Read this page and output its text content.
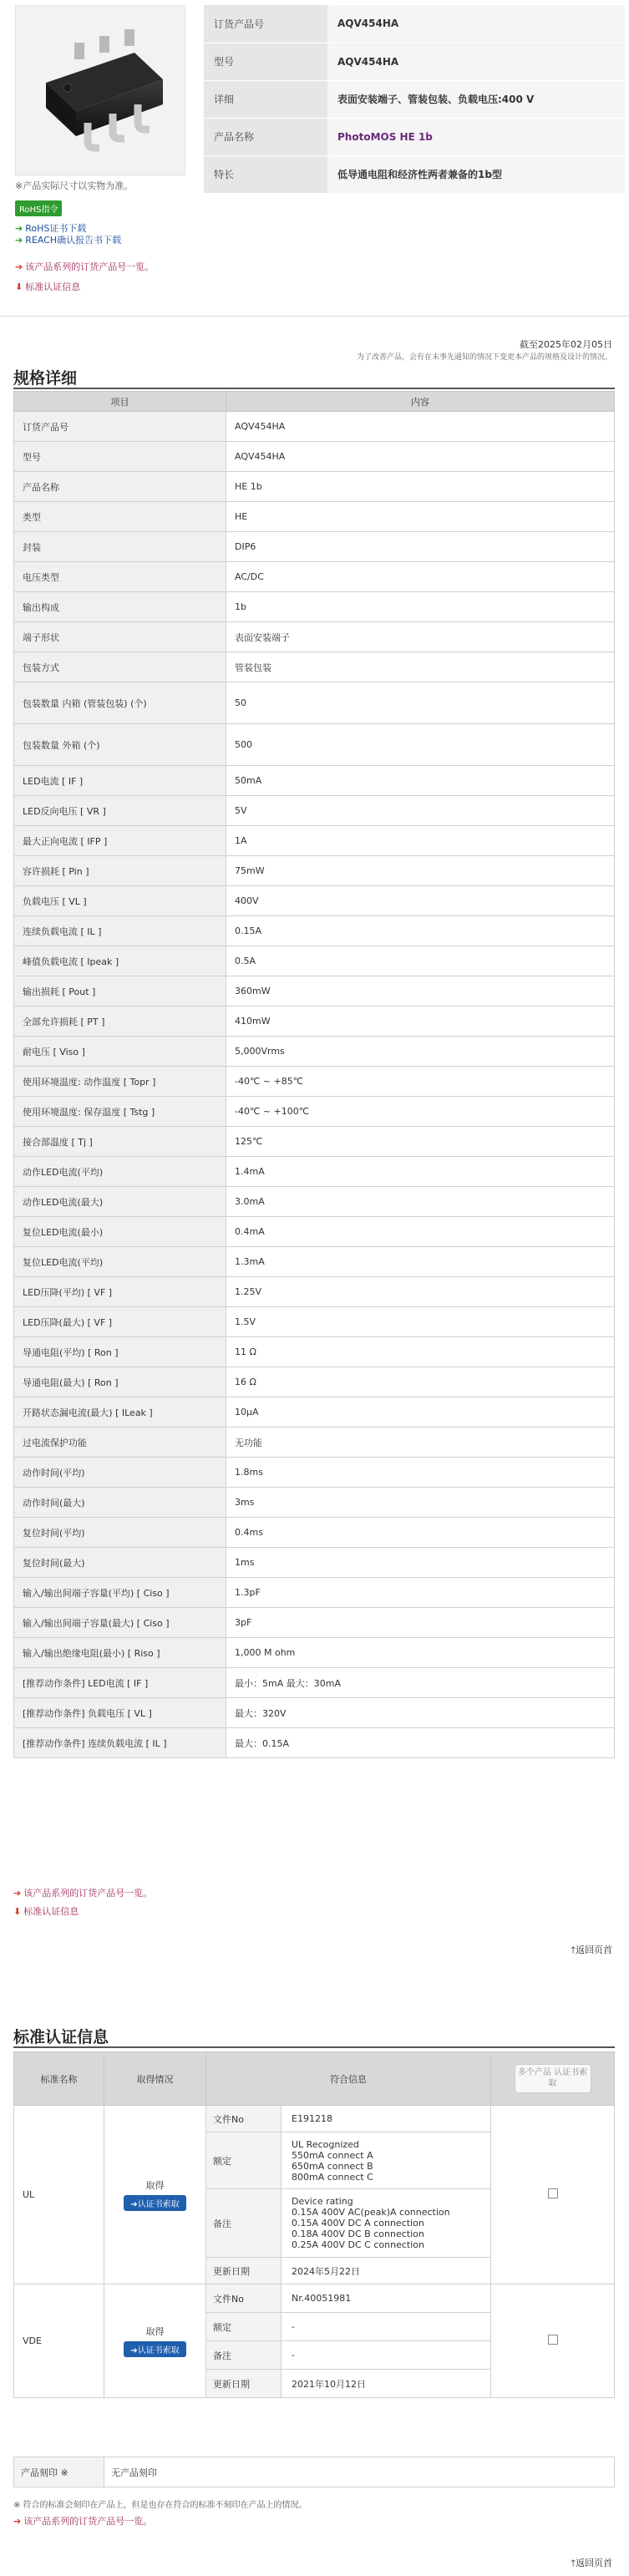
※产品实际尺寸以实物为准。
RoHS指令
➔ RoHS证书下载
➔ REACH确认报告书下载
➔ 该产品系列的订货产品号一览。
⬇ 标准认证信息
订货产品号	AQV454HA
型号	AQV454HA
详细	表面安装端子、管装包装、负载电压:400 V
产品名称	PhotoMOS HE 1b
特长	低导通电阻和经济性两者兼备的1b型
截至2025年02月05日
为了改善产品，会有在未事先通知的情况下变更本产品的规格及设计的情况。
规格详细
项目	内容
订货产品号	AQV454HA
型号	AQV454HA
产品名称	HE 1b
类型	HE
封装	DIP6
电压类型	AC/DC
输出构成	1b
端子形状	表面安装端子
包装方式	管装包装
包装数量 内箱 (管装包装) (个)	50
包装数量 外箱 (个)	500
LED电流 [ IF ]	50mA
LED反向电压 [ VR ]	5V
最大正向电流 [ IFP ]	1A
容许损耗 [ Pin ]	75mW
负载电压 [ VL ]	400V
连续负载电流 [ IL ]	0.15A
峰值负载电流 [ Ipeak ]	0.5A
输出损耗 [ Pout ]	360mW
全部允许损耗 [ PT ]	410mW
耐电压 [ Viso ]	5,000Vrms
使用环境温度: 动作温度 [ Topr ]	-40℃ ~ +85℃
使用环境温度: 保存温度 [ Tstg ]	-40℃ ~ +100℃
接合部温度 [ Tj ]	125℃
动作LED电流(平均)	1.4mA
动作LED电流(最大)	3.0mA
复位LED电流(最小)	0.4mA
复位LED电流(平均)	1.3mA
LED压降(平均) [ VF ]	1.25V
LED压降(最大) [ VF ]	1.5V
导通电阻(平均) [ Ron ]	11 Ω
导通电阻(最大) [ Ron ]	16 Ω
开路状态漏电流(最大) [ ILeak ]	10μA
过电流保护功能	无功能
动作时间(平均)	1.8ms
动作时间(最大)	3ms
复位时间(平均)	0.4ms
复位时间(最大)	1ms
输入/输出间端子容量(平均) [ Ciso ]	1.3pF
输入/输出间端子容量(最大) [ Ciso ]	3pF
输入/输出绝缘电阻(最小) [ Riso ]	1,000 M ohm
[推荐动作条件] LED电流 [ IF ]	最小：5mA 最大：30mA
[推荐动作条件] 负载电压 [ VL ]	最大：320V
[推荐动作条件] 连续负载电流 [ IL ]	最大：0.15A
➔ 该产品系列的订货产品号一览。
⬇ 标准认证信息
🡑返回页首
标准认证信息
标准名称	取得情况	符合信息		多个产品 认证书索取
UL	取得
➔认证书索取	文件No	E191218	
		额定	UL Recognized
550mA connect A
650mA connect B
800mA connect C	

		备注	Device rating
0.15A 400V AC(peak)A connection
0.15A 400V DC A connection
0.18A 400V DC B connection
0.25A 400V DC C connection	

		更新日期	2024年5月22日	
VDE	取得
➔认证书索取	文件No	Nr.40051981	
		额定	-	
		备注	-	
		更新日期	2021年10月12日	
产品刻印 ※	无产品刻印
※ 符合的标准会刻印在产品上，但是也存在符合的标准不刻印在产品上的情况。
➔ 该产品系列的订货产品号一览。
🡑返回页首
